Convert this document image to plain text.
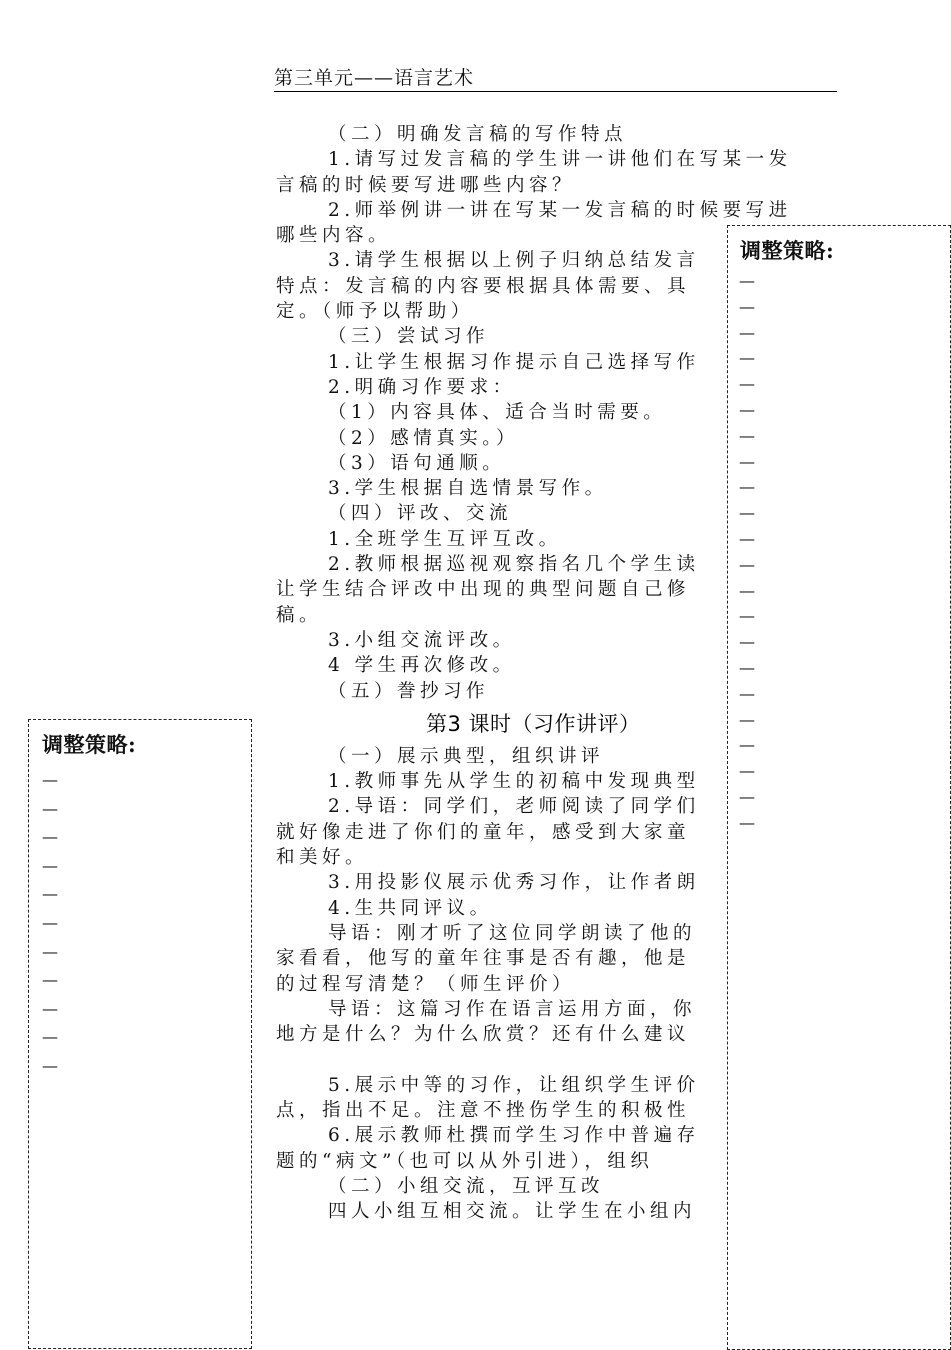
第三单元——语言艺术
（二）明确发言稿的写作特点
1.请写过发言稿的学生讲一讲他们在写某一发
言稿的时候要写进哪些内容？
2.师举例讲一讲在写某一发言稿的时候要写进
哪些内容。
3.请学生根据以上例子归纳总结发言
特点：发言稿的内容要根据具体需要、具
定。（师予以帮助）
（三）尝试习作
1.让学生根据习作提示自己选择写作
2.明确习作要求：
（1）内容具体、适合当时需要。
（2）感情真实。）
（3）语句通顺。
3.学生根据自选情景写作。
（四）评改、交流
1.全班学生互评互改。
2.教师根据巡视观察指名几个学生读
让学生结合评改中出现的典型问题自己修
稿。
3.小组交流评改。
4 学生再次修改。
（五）誊抄习作
第3 课时（习作讲评）
（一）展示典型，组织讲评
1.教师事先从学生的初稿中发现典型
2.导语：同学们，老师阅读了同学们
就好像走进了你们的童年，感受到大家童
和美好。
3.用投影仪展示优秀习作，让作者朗
4.生共同评议。
导语：刚才听了这位同学朗读了他的
家看看，他写的童年往事是否有趣，他是
的过程写清楚？（师生评价）
导语：这篇习作在语言运用方面，你
地方是什么？为什么欣赏？还有什么建议
5.展示中等的习作，让组织学生评价
点，指出不足。注意不挫伤学生的积极性
6.展示教师杜撰而学生习作中普遍存
题的“病文”（也可以从外引进），组织
（二）小组交流，互评互改
四人小组互相交流。让学生在小组内
调整策略:
—
—
—
—
—
—
—
—
—
—
—
—
—
—
—
—
—
—
—
—
—
—
调整策略:
—
—
—
—
—
—
—
—
—
—
—
